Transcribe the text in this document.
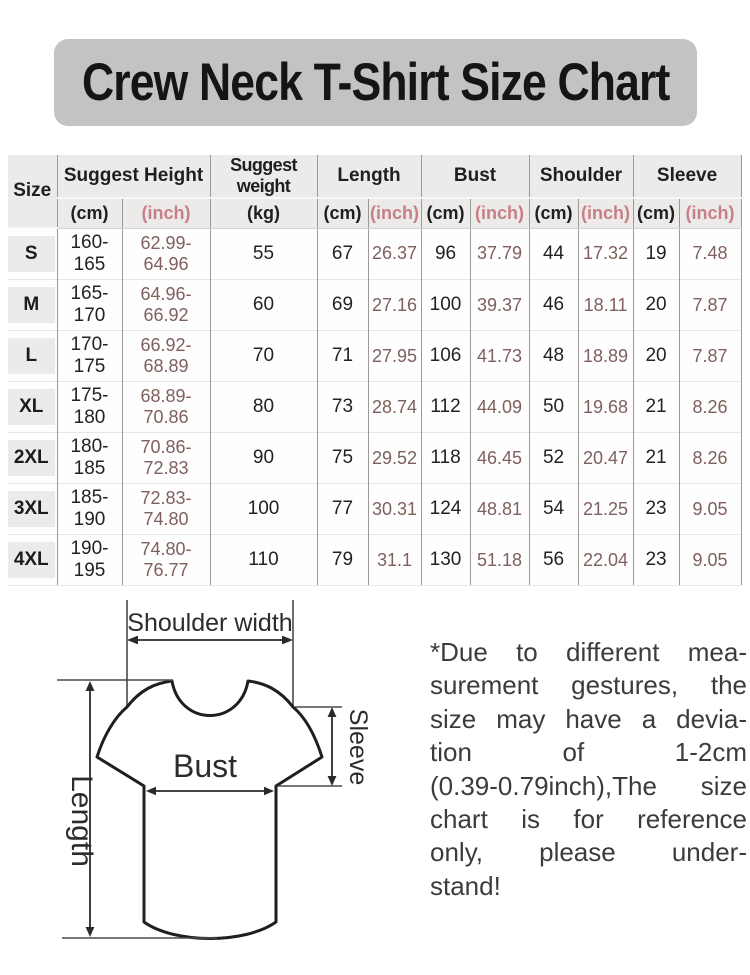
Crew Neck T-Shirt Size Chart
Size	Suggest Height		Suggest weight	Length		Bust		Shoulder		Sleeve	
	(cm)	(inch)	(kg)	(cm)	(inch)	(cm)	(inch)	(cm)	(inch)	(cm)	(inch)

S	160-165	62.99-64.96	55	67	26.37	96	37.79	44	17.32	19	7.48

M	165-170	64.96-66.92	60	69	27.16	100	39.37	46	18.11	20	7.87

L	170-175	66.92-68.89	70	71	27.95	106	41.73	48	18.89	20	7.87

XL	175-180	68.89-70.86	80	73	28.74	112	44.09	50	19.68	21	8.26

2XL	180-185	70.86-72.83	90	75	29.52	118	46.45	52	20.47	21	8.26

3XL	185-190	72.83-74.80	100	77	30.31	124	48.81	54	21.25	23	9.05

4XL	190-195	74.80-76.77	110	79	31.1	130	51.18	56	22.04	23	9.05
Shoulder width
Bust
Length
Sleeve
*Due to different mea-
surement gestures, the
size may have a devia-
tion of 1-2cm
(0.39-0.79inch),The size
chart is for reference
only, please under-
stand!
